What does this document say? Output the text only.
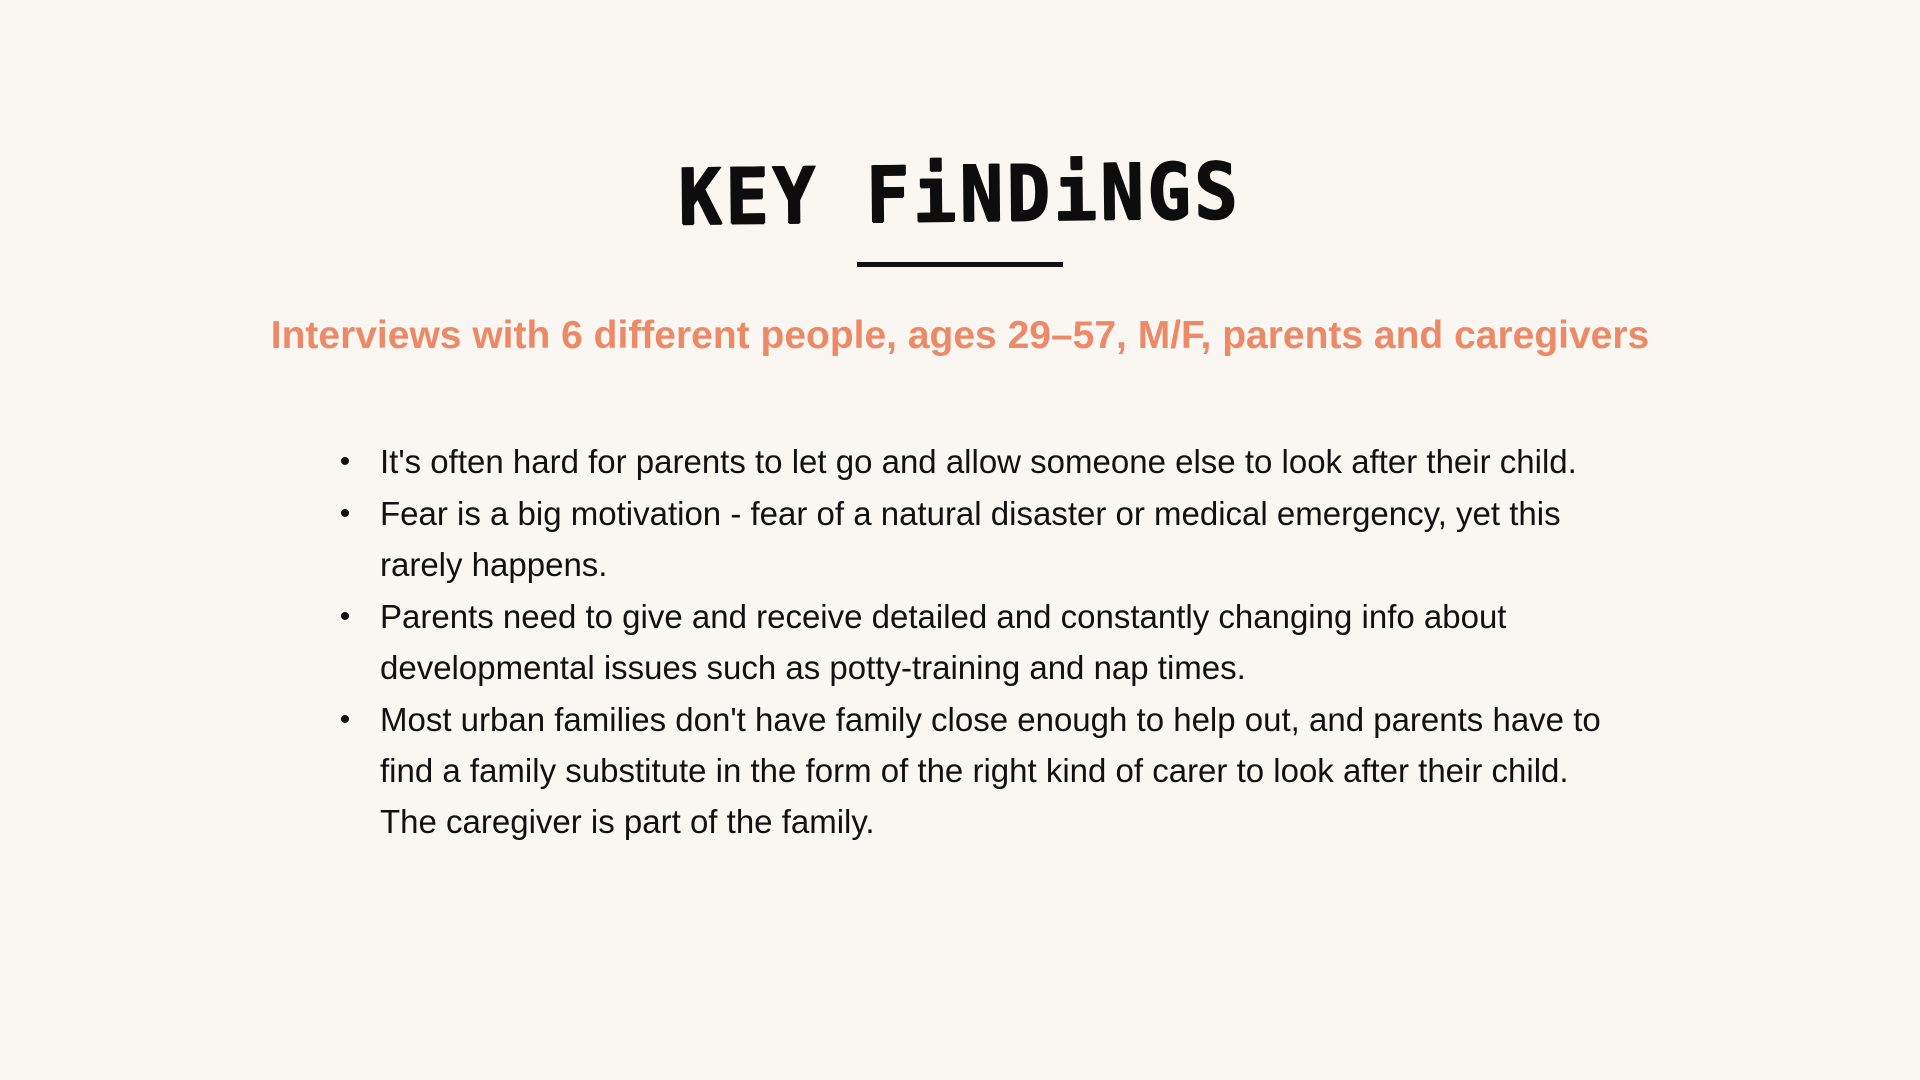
KEY FiNDiNGS
Interviews with 6 different people, ages 29–57, M/F, parents and caregivers
• It's often hard for parents to let go and allow someone else to look after their child.
• Fear is a big motivation - fear of a natural disaster or medical emergency, yet this rarely happens.
• Parents need to give and receive detailed and constantly changing info about developmental issues such as potty-training and nap times.
• Most urban families don't have family close enough to help out, and parents have to find a family substitute in the form of the right kind of carer to look after their child. The caregiver is part of the family.
